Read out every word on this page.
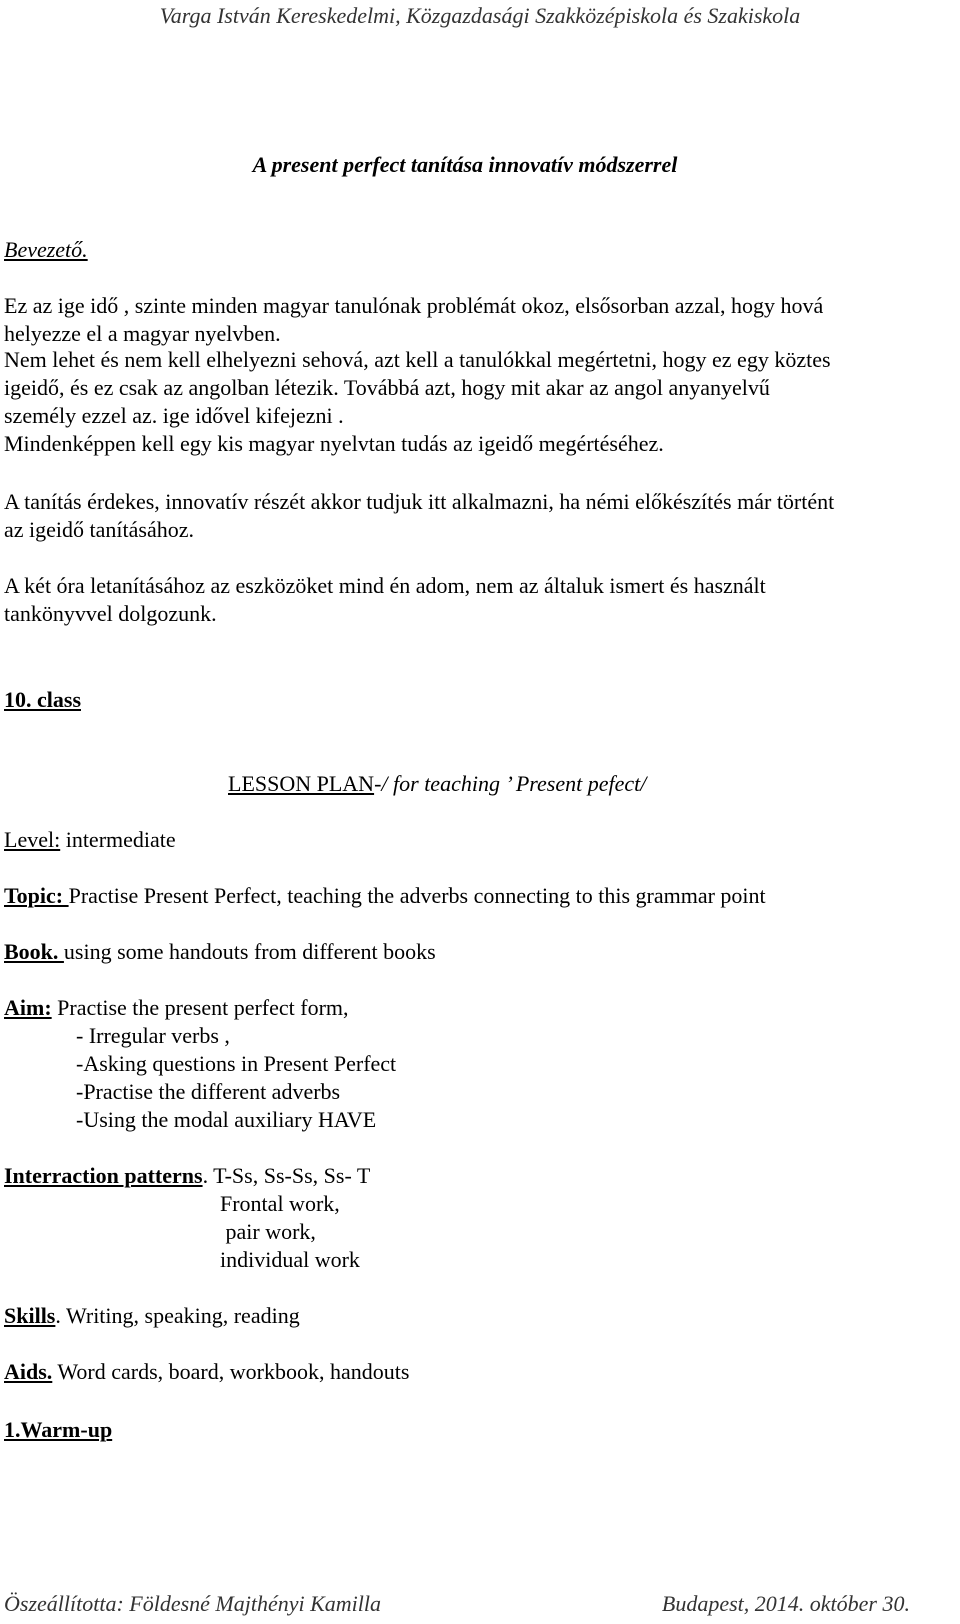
Varga István Kereskedelmi, Közgazdasági Szakközépiskola és Szakiskola
A present perfect tanítása innovatív módszerrel
Bevezető.
Ez az ige idő , szinte minden magyar tanulónak problémát okoz, elsősorban azzal, hogy hová
helyezze el a magyar nyelvben.
Nem lehet és nem kell elhelyezni sehová, azt kell a tanulókkal megértetni, hogy ez egy köztes
igeidő, és ez csak az angolban létezik. Továbbá azt, hogy mit akar az angol anyanyelvű
személy ezzel az. ige idővel kifejezni .
Mindenképpen kell egy kis magyar nyelvtan tudás az igeidő megértéséhez.
A tanítás érdekes, innovatív részét akkor tudjuk itt alkalmazni, ha némi előkészítés már történt
az igeidő tanításához.
A két óra letanításához az eszközöket mind én adom, nem az általuk ismert és használt
tankönyvvel dolgozunk.
10. class
LESSON PLAN-/ for teaching ’ Present pefect/
Level: intermediate
Topic: Practise Present Perfect, teaching the adverbs connecting to this grammar point
Book. using some handouts from different books
Aim: Practise the present perfect form,
- Irregular verbs ,
-Asking questions in Present Perfect
-Practise the different adverbs
-Using the modal auxiliary HAVE
Interraction patterns. T-Ss, Ss-Ss, Ss- T
Frontal work,
pair work,
individual work
Skills. Writing, speaking, reading
Aids. Word cards, board, workbook, handouts
1.Warm-up
Öszeállította: Földesné Majthényi Kamilla	Budapest, 2014. október 30.
